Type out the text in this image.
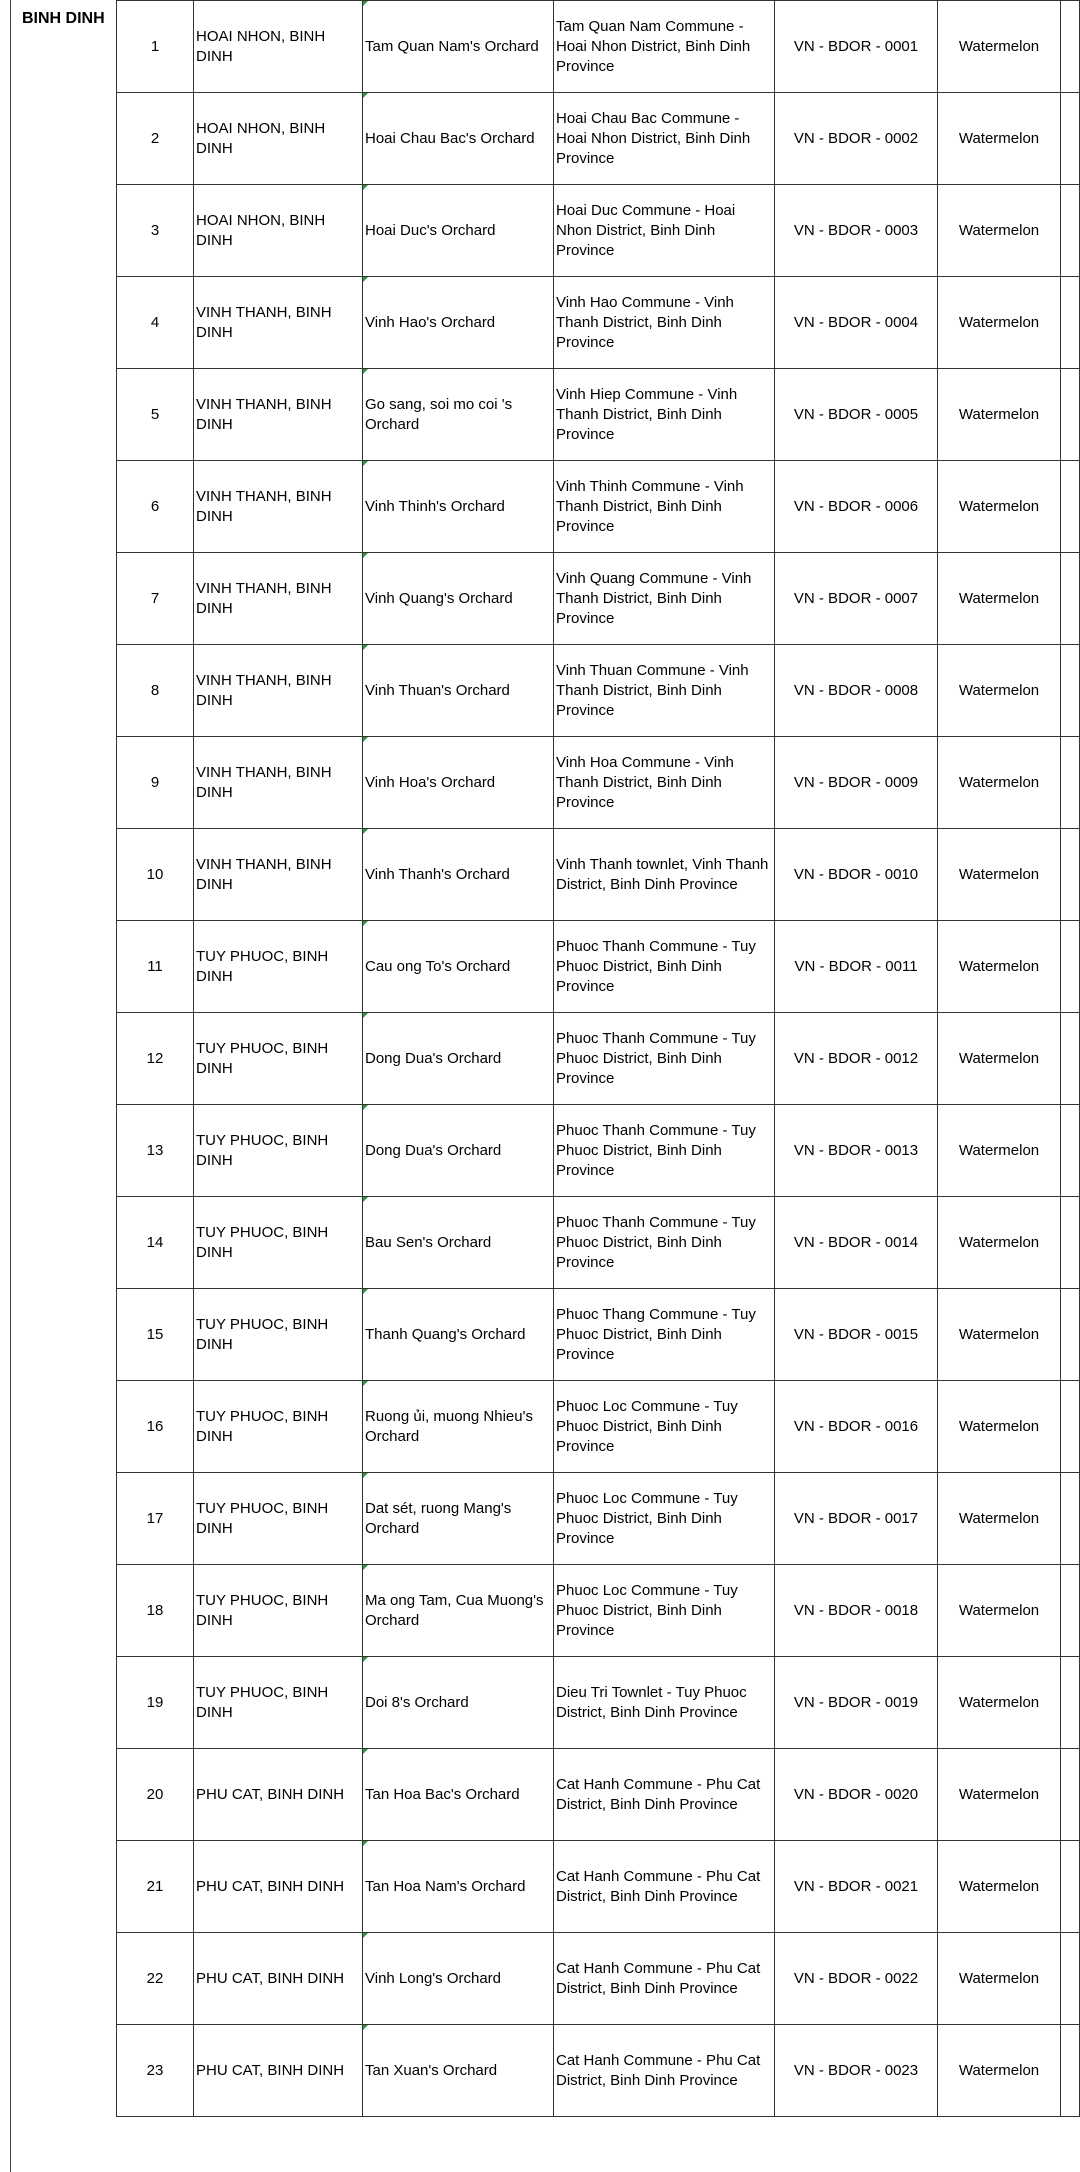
BINH DINH
1	HOAI NHON, BINH DINH	Tam Quan Nam's Orchard	Tam Quan Nam Commune - Hoai Nhon District, Binh Dinh Province	VN - BDOR - 0001	Watermelon	
2	HOAI NHON, BINH DINH	Hoai Chau Bac's Orchard	Hoai Chau Bac Commune - Hoai Nhon District, Binh Dinh Province	VN - BDOR - 0002	Watermelon	
3	HOAI NHON, BINH DINH	Hoai Duc's Orchard	Hoai Duc Commune - Hoai Nhon District, Binh Dinh Province	VN - BDOR - 0003	Watermelon	
4	VINH THANH, BINH DINH	Vinh Hao's Orchard	Vinh Hao Commune - Vinh Thanh District, Binh Dinh Province	VN - BDOR - 0004	Watermelon	
5	VINH THANH, BINH DINH	Go sang, soi mo coi 's Orchard	Vinh Hiep Commune - Vinh Thanh District, Binh Dinh Province	VN - BDOR - 0005	Watermelon	
6	VINH THANH, BINH DINH	Vinh Thinh's Orchard	Vinh Thinh Commune - Vinh Thanh District, Binh Dinh Province	VN - BDOR - 0006	Watermelon	
7	VINH THANH, BINH DINH	Vinh Quang's Orchard	Vinh Quang Commune - Vinh Thanh District, Binh Dinh Province	VN - BDOR - 0007	Watermelon	
8	VINH THANH, BINH DINH	Vinh Thuan's Orchard	Vinh Thuan Commune - Vinh Thanh District, Binh Dinh Province	VN - BDOR - 0008	Watermelon	
9	VINH THANH, BINH DINH	Vinh Hoa's Orchard	Vinh Hoa Commune - Vinh Thanh District, Binh Dinh Province	VN - BDOR - 0009	Watermelon	
10	VINH THANH, BINH DINH	Vinh Thanh's Orchard	Vinh Thanh townlet, Vinh Thanh District, Binh Dinh Province	VN - BDOR - 0010	Watermelon	
11	TUY PHUOC, BINH DINH	Cau ong To's Orchard	Phuoc Thanh Commune - Tuy Phuoc District, Binh Dinh Province	VN - BDOR - 0011	Watermelon	
12	TUY PHUOC, BINH DINH	Dong Dua's Orchard	Phuoc Thanh Commune - Tuy Phuoc District, Binh Dinh Province	VN - BDOR - 0012	Watermelon	
13	TUY PHUOC, BINH DINH	Dong Dua's Orchard	Phuoc Thanh Commune - Tuy Phuoc District, Binh Dinh Province	VN - BDOR - 0013	Watermelon	
14	TUY PHUOC, BINH DINH	Bau Sen's Orchard	Phuoc Thanh Commune - Tuy Phuoc District, Binh Dinh Province	VN - BDOR - 0014	Watermelon	
15	TUY PHUOC, BINH DINH	Thanh Quang's Orchard	Phuoc Thang Commune - Tuy Phuoc District, Binh Dinh Province	VN - BDOR - 0015	Watermelon	
16	TUY PHUOC, BINH DINH	Ruong ủi, muong Nhieu's Orchard	Phuoc Loc Commune - Tuy Phuoc District, Binh Dinh Province	VN - BDOR - 0016	Watermelon	
17	TUY PHUOC, BINH DINH	Dat sét, ruong Mang's Orchard	Phuoc Loc Commune - Tuy Phuoc District, Binh Dinh Province	VN - BDOR - 0017	Watermelon	
18	TUY PHUOC, BINH DINH	Ma ong Tam, Cua Muong's Orchard	Phuoc Loc Commune - Tuy Phuoc District, Binh Dinh Province	VN - BDOR - 0018	Watermelon	
19	TUY PHUOC, BINH DINH	Doi 8's Orchard	Dieu Tri Townlet - Tuy Phuoc District, Binh Dinh Province	VN - BDOR - 0019	Watermelon	
20	PHU CAT, BINH DINH	Tan Hoa Bac's Orchard	Cat Hanh Commune - Phu Cat District, Binh Dinh Province	VN - BDOR - 0020	Watermelon	
21	PHU CAT, BINH DINH	Tan Hoa Nam's Orchard	Cat Hanh Commune - Phu Cat District, Binh Dinh Province	VN - BDOR - 0021	Watermelon	
22	PHU CAT, BINH DINH	Vinh Long's Orchard	Cat Hanh Commune - Phu Cat District, Binh Dinh Province	VN - BDOR - 0022	Watermelon	
23	PHU CAT, BINH DINH	Tan Xuan's Orchard	Cat Hanh Commune - Phu Cat District, Binh Dinh Province	VN - BDOR - 0023	Watermelon	
